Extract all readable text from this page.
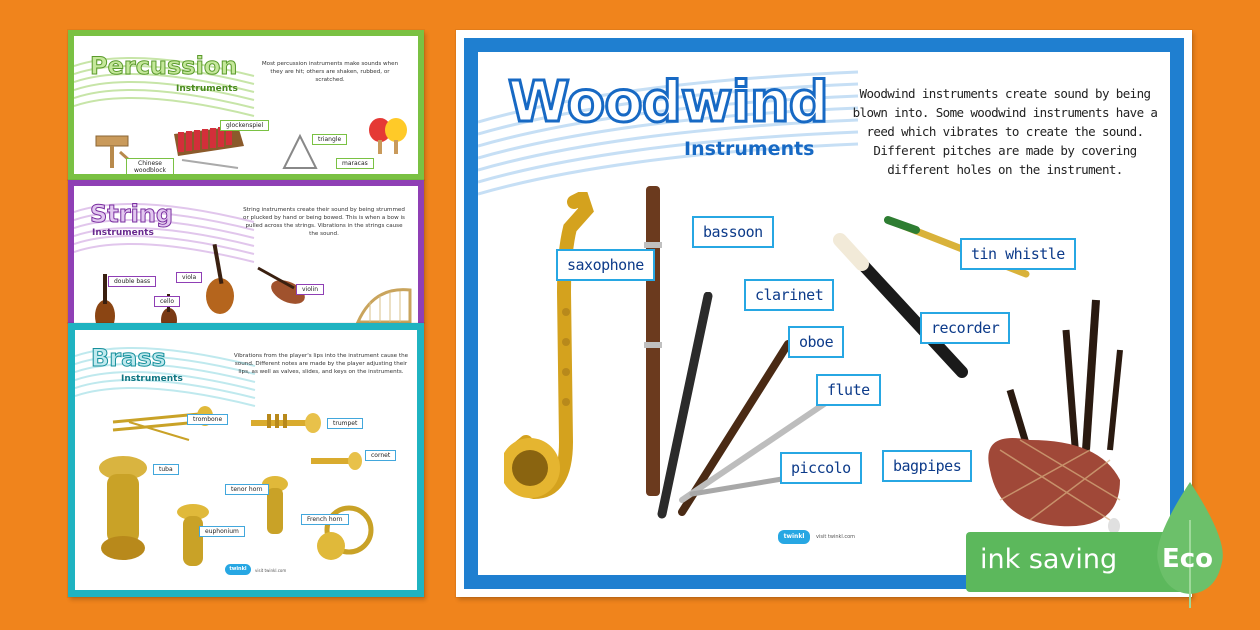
Percussion
Instruments
Most percussion instruments make sounds when they are hit; others are shaken, rubbed, or scratched.
glockenspiel
triangle
Chinese woodblock
maracas
String
Instruments
String instruments create their sound by being strummed or plucked by hand or being bowed. This is when a bow is pulled across the strings. Vibrations in the strings cause the sound.
double bass
viola
cello
violin
Brass
Instruments
Vibrations from the player's lips into the instrument cause the sound. Different notes are made by the player adjusting their lips, as well as valves, slides, and keys on the instruments.
trombone
trumpet
tuba
cornet
tenor horn
French horn
euphonium
twinkl	visit twinkl.com
Woodwind
Instruments
Woodwind instruments create sound by being blown into. Some woodwind instruments have a reed which vibrates to create the sound. Different pitches are made by covering different holes on the instrument.
saxophone
bassoon
clarinet
oboe
flute
piccolo
tin whistle
recorder
bagpipes
twinkl	visit twinkl.com
ink saving Eco
